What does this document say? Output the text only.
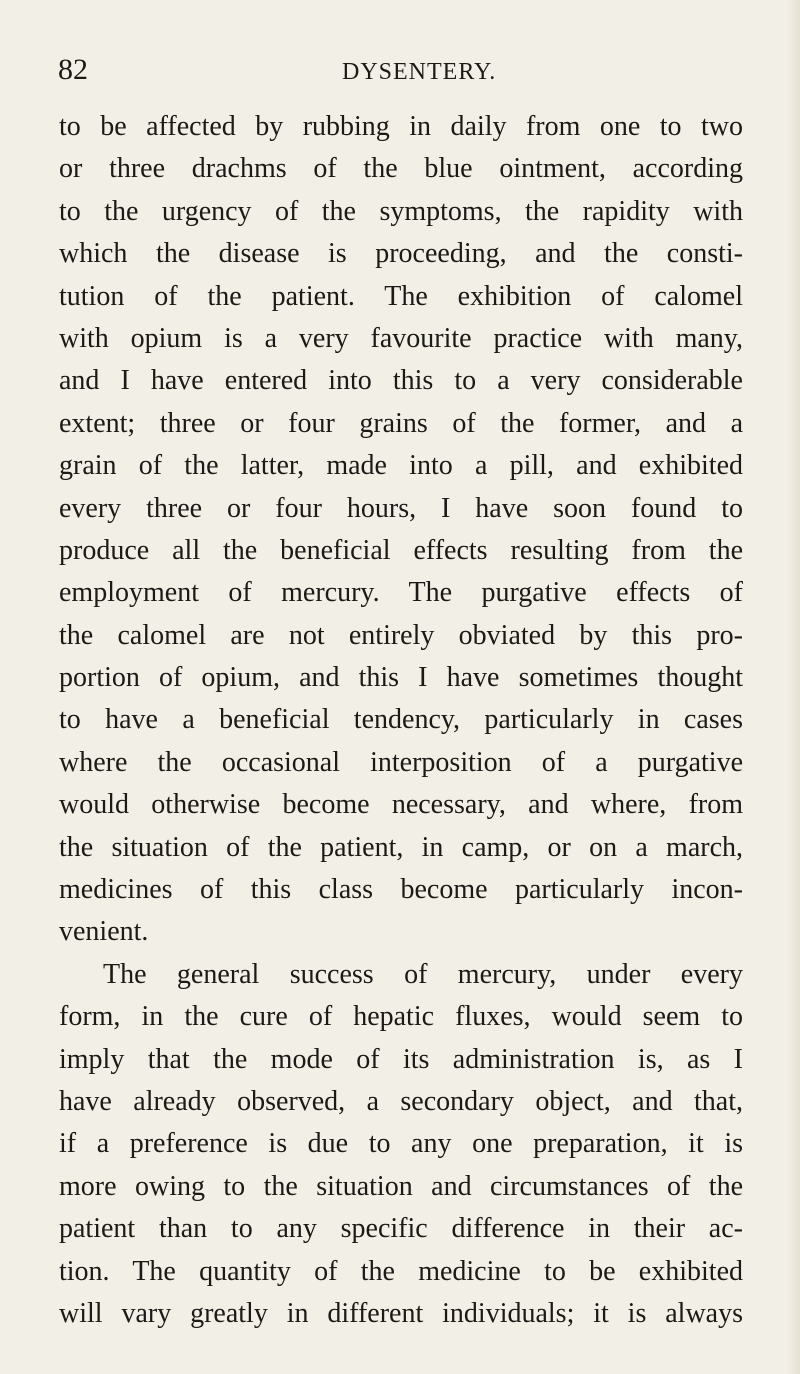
82	DYSENTERY.
to be affected by rubbing in daily from one to two
or three drachms of the blue ointment, according
to the urgency of the symptoms, the rapidity with
which the disease is proceeding, and the consti-
tution of the patient. The exhibition of calomel
with opium is a very favourite practice with many,
and I have entered into this to a very considerable
extent; three or four grains of the former, and a
grain of the latter, made into a pill, and exhibited
every three or four hours, I have soon found to
produce all the beneficial effects resulting from the
employment of mercury. The purgative effects of
the calomel are not entirely obviated by this pro-
portion of opium, and this I have sometimes thought
to have a beneficial tendency, particularly in cases
where the occasional interposition of a purgative
would otherwise become necessary, and where, from
the situation of the patient, in camp, or on a march,
medicines of this class become particularly incon-
venient.
The general success of mercury, under every
form, in the cure of hepatic fluxes, would seem to
imply that the mode of its administration is, as I
have already observed, a secondary object, and that,
if a preference is due to any one preparation, it is
more owing to the situation and circumstances of the
patient than to any specific difference in their ac-
tion. The quantity of the medicine to be exhibited
will vary greatly in different individuals; it is always
